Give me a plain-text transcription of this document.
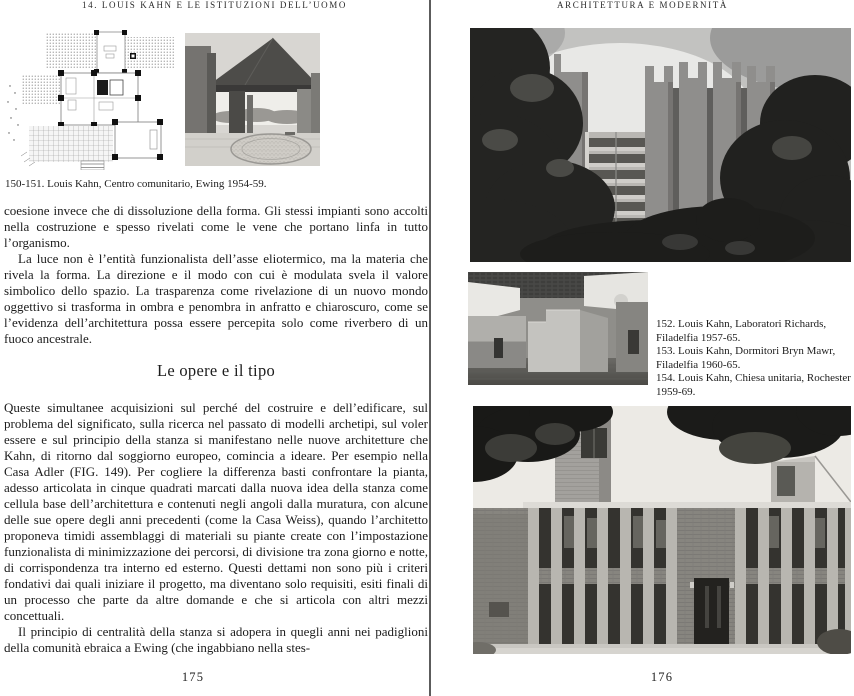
14. LOUIS KAHN E LE ISTITUZIONI DELL’UOMO
150-151. Louis Kahn, Centro comunitario, Ewing 1954-59.

coesione invece che di dissoluzione della forma. Gli stessi impianti sono accolti nella costruzione e spesso rivelati come le vene che portano linfa in tutto l’organismo.

La luce non è l’entità funzionalista dell’asse eliotermico, ma la materia che rivela la forma. La direzione e il modo con cui è modulata svela il valore simbolico dello spazio. La trasparenza come rivelazione di un nuovo mondo oggettivo si trasforma in ombra e penombra in anfratto e chiaroscuro, come se l’evidenza dell’architettura possa essere percepita solo come riverbero di un fuoco ancestrale.

Le opere e il tipo

Queste simultanee acquisizioni sul perché del costruire e dell’edificare, sul problema del significato, sulla ricerca nel passato di modelli archetipi, sul voler essere e sul principio della stanza si manifestano nelle nuove architetture che Kahn, di ritorno dal soggiorno europeo, comincia a ideare. Per esempio nella Casa Adler (FIG. 149). Per cogliere la differenza basti confrontare la pianta, adesso articolata in cinque quadrati marcati dalla nuova idea della stanza come cellula base dell’architettura e contenuti negli angoli dalla muratura, con alcune delle sue opere degli anni precedenti (come la Casa Weiss), quando l’architetto proponeva timidi assemblaggi di materiali su piante create con l’impostazione funzionalista di minimizzazione dei percorsi, di divisione tra zona giorno e notte, di corrispondenza tra interno ed esterno. Questi dettami non sono più i criteri fondativi dai quali iniziare il progetto, ma diventano solo requisiti, esiti finali di un processo che parte da altre domande e che si articola con altri mezzi concettuali.

Il principio di centralità della stanza si adopera in quegli anni nei padiglioni della comunità ebraica a Ewing (che ingabbiano nella stes-

175
ARCHITETTURA E MODERNITÀ

152. Louis Kahn, Laboratori Richards, Filadelfia 1957-65.

153. Louis Kahn, Dormitori Bryn Mawr, Filadelfia 1960-65.

154. Louis Kahn, Chiesa unitaria, Rochester 1959-69.

176
